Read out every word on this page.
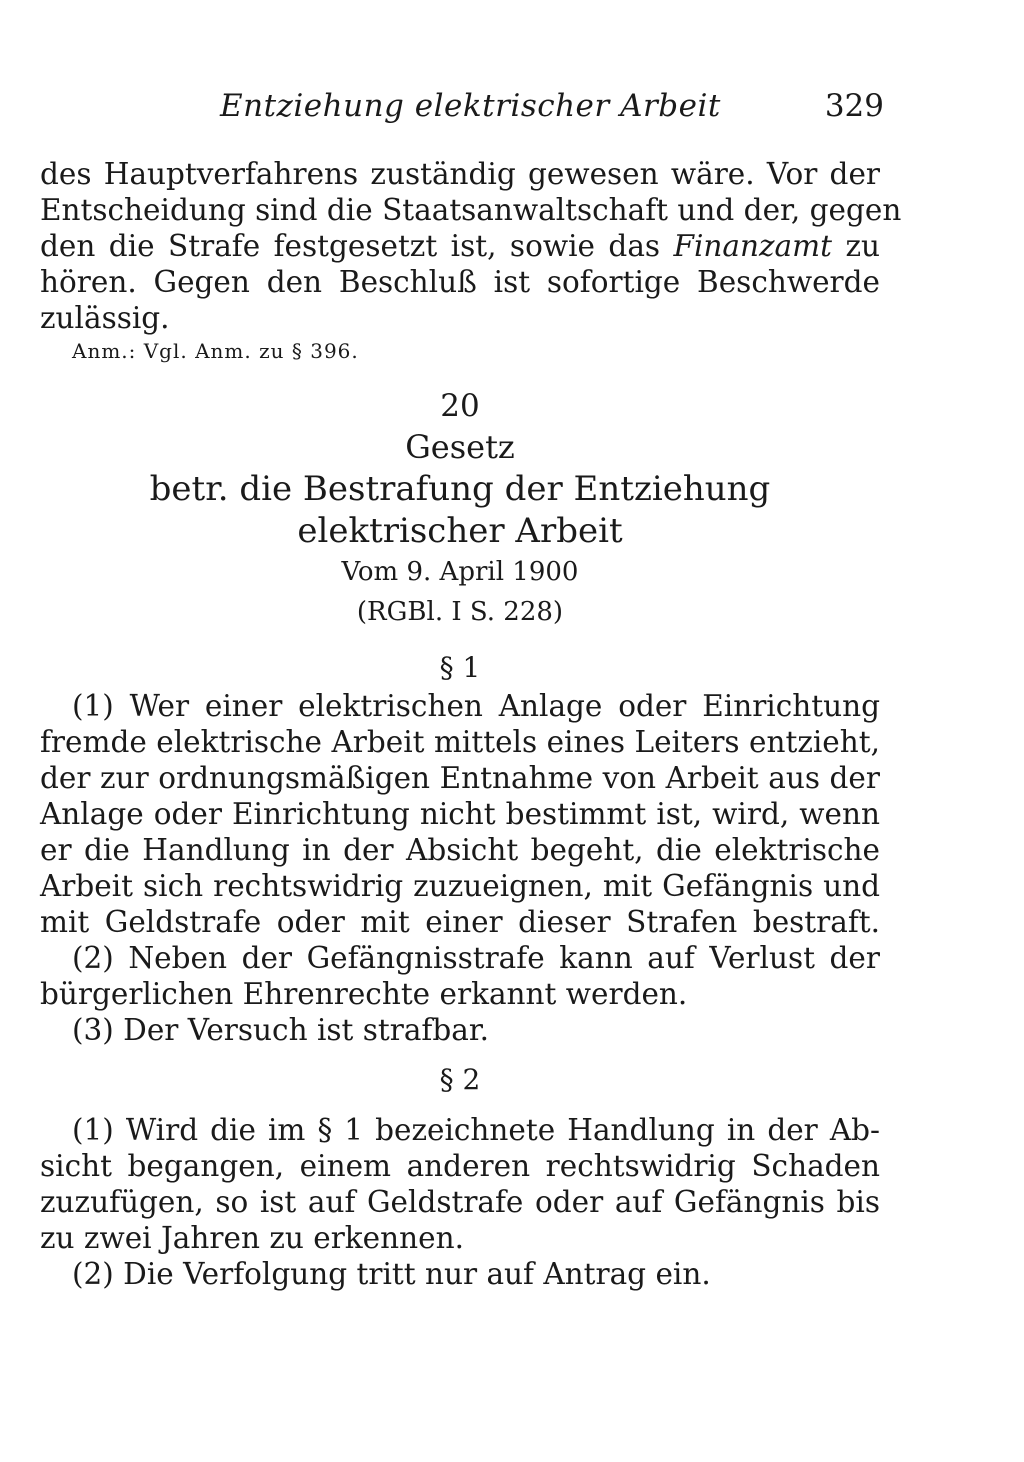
Entziehung elektrischer Arbeit	329
des Hauptverfahrens zuständig gewesen wäre. Vor der
Entscheidung sind die Staatsanwaltschaft und der, gegen
den die Strafe festgesetzt ist, sowie das Finanzamt zu
hören. Gegen den Beschluß ist sofortige Beschwerde
zulässig.
Anm.: Vgl. Anm. zu § 396.
20
Gesetz
betr. die Bestrafung der Entziehung
elektrischer Arbeit
Vom 9. April 1900
(RGBl. I S. 228)
§ 1
(1) Wer einer elektrischen Anlage oder Einrichtung
fremde elektrische Arbeit mittels eines Leiters entzieht,
der zur ordnungsmäßigen Entnahme von Arbeit aus der
Anlage oder Einrichtung nicht bestimmt ist, wird, wenn
er die Handlung in der Absicht begeht, die elektrische
Arbeit sich rechtswidrig zuzueignen, mit Gefängnis und
mit Geldstrafe oder mit einer dieser Strafen bestraft.
(2) Neben der Gefängnisstrafe kann auf Verlust der
bürgerlichen Ehrenrechte erkannt werden.
(3) Der Versuch ist strafbar.
§ 2
(1) Wird die im § 1 bezeichnete Handlung in der Ab-
sicht begangen, einem anderen rechtswidrig Schaden
zuzufügen, so ist auf Geldstrafe oder auf Gefängnis bis
zu zwei Jahren zu erkennen.
(2) Die Verfolgung tritt nur auf Antrag ein.
